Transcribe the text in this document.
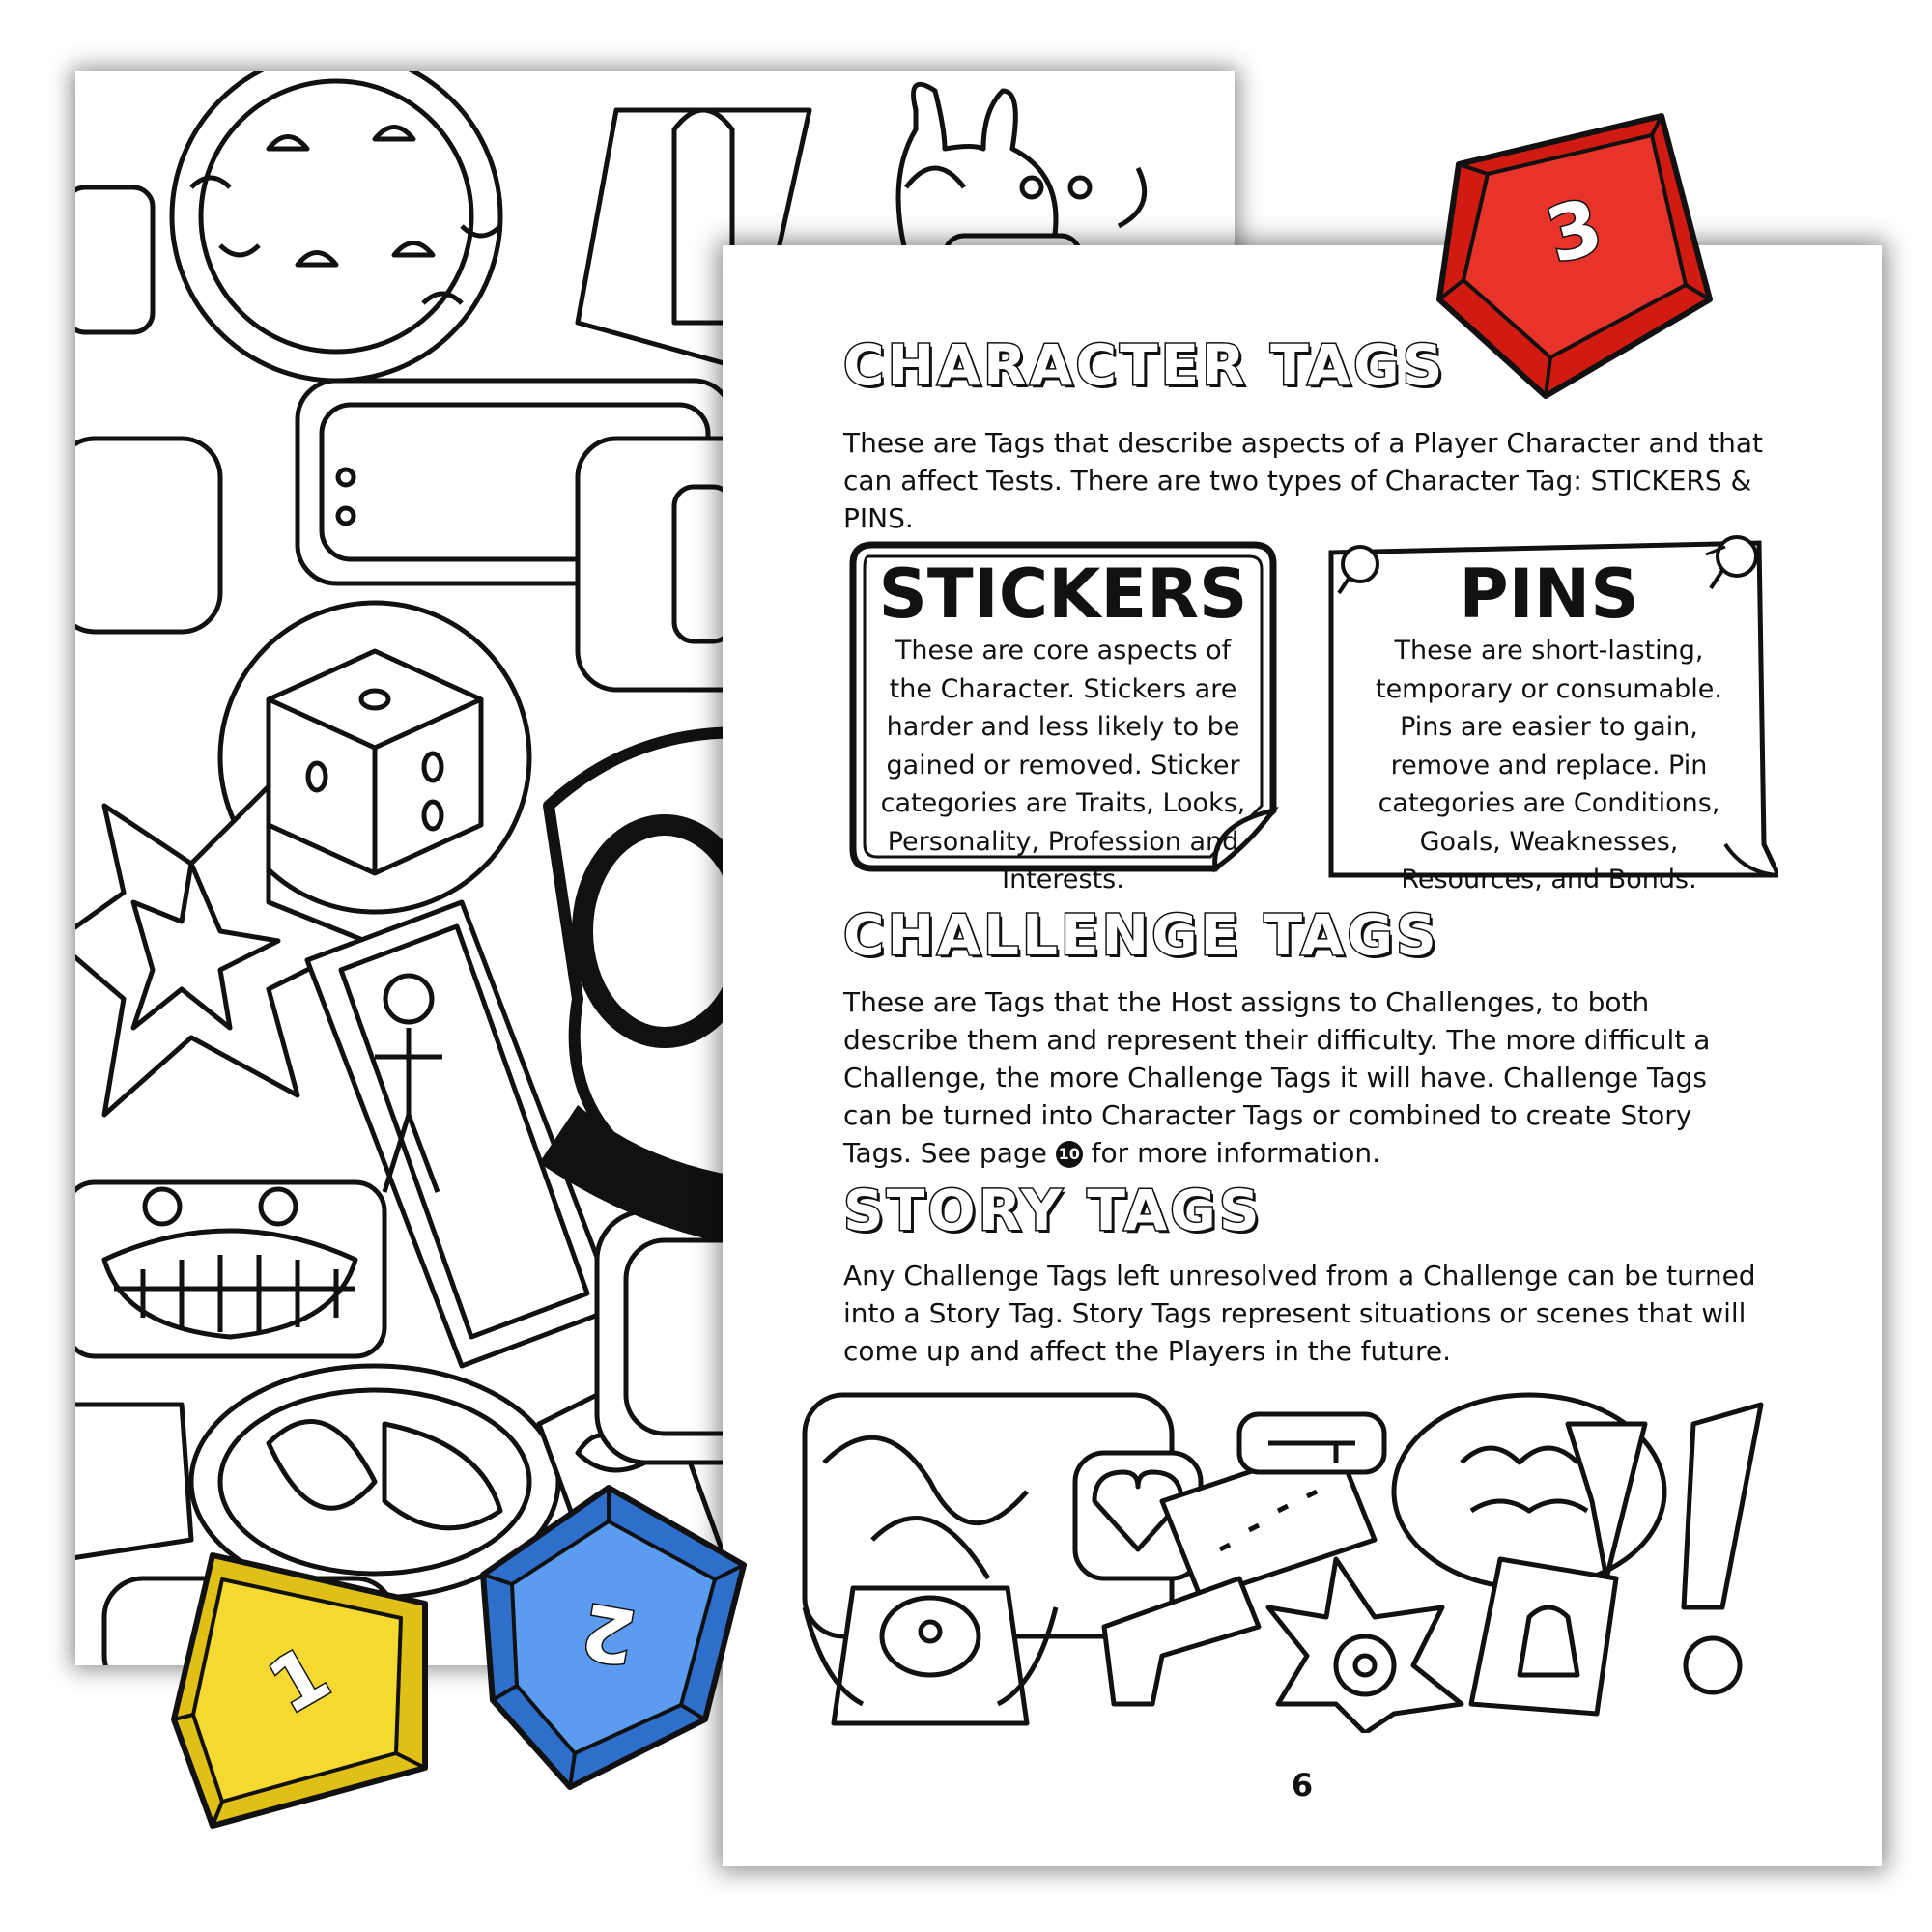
CHARACTER TAGS

These are Tags that describe aspects of a Player Character and that can affect Tests. There are two types of Character Tag: STICKERS & PINS.

STICKERS

These are core aspects of the Character. Stickers are harder and less likely to be gained or removed. Sticker categories are Traits, Looks, Personality, Profession and Interests.

PINS

These are short-lasting, temporary or consumable. Pins are easier to gain, remove and replace. Pin categories are Conditions, Goals, Weaknesses, Resources, and Bonds.

CHALLENGE TAGS

These are Tags that the Host assigns to Challenges, to both describe them and represent their difficulty. The more difficult a Challenge, the more Challenge Tags it will have. Challenge Tags can be turned into Character Tags or combined to create Story Tags. See page 10 for more information.

STORY TAGS

Any Challenge Tags left unresolved from a Challenge can be turned into a Story Tag. Story Tags represent situations or scenes that will come up and affect the Players in the future.

6

3
1	2
